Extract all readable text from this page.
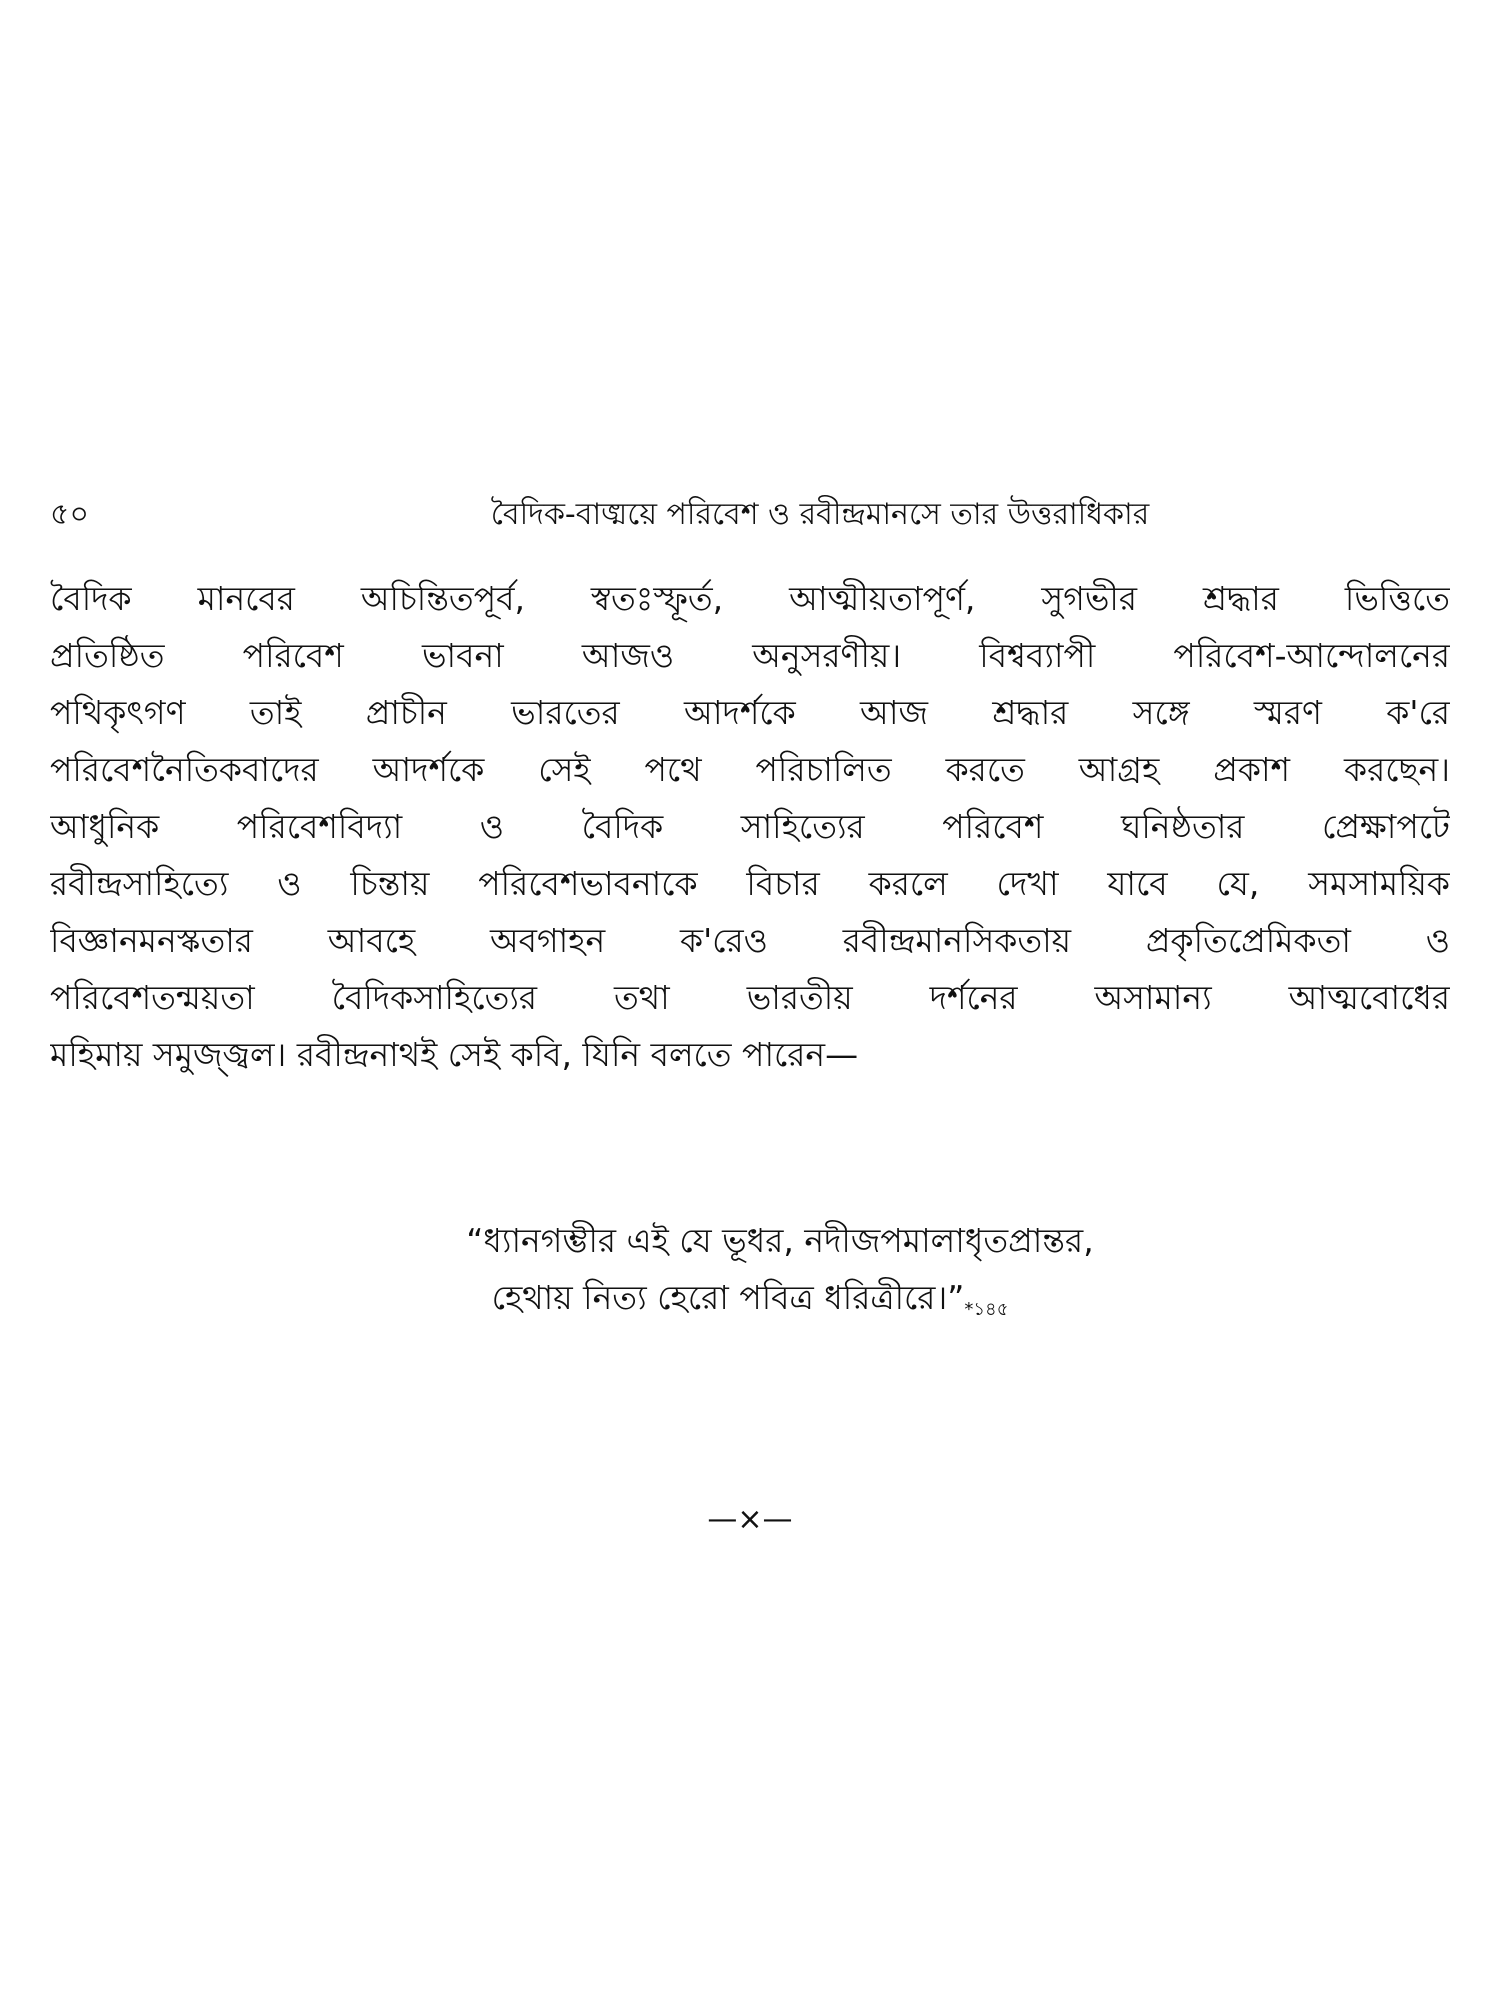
৫০	বৈদিক-বাঙ্ময়ে পরিবেশ ও রবীন্দ্রমানসে তার উত্তরাধিকার
বৈদিক মানবের অচিন্তিতপূর্ব, স্বতঃস্ফূর্ত, আত্মীয়তাপূর্ণ, সুগভীর শ্রদ্ধার ভিত্তিতে
প্রতিষ্ঠিত পরিবেশ ভাবনা আজও অনুসরণীয়। বিশ্বব্যাপী পরিবেশ-আন্দোলনের
পথিকৃৎগণ তাই প্রাচীন ভারতের আদর্শকে আজ শ্রদ্ধার সঙ্গে স্মরণ ক'রে
পরিবেশনৈতিকবাদের আদর্শকে সেই পথে পরিচালিত করতে আগ্রহ প্রকাশ করছেন।
আধুনিক পরিবেশবিদ্যা ও বৈদিক সাহিত্যের পরিবেশ ঘনিষ্ঠতার প্রেক্ষাপটে
রবীন্দ্রসাহিত্যে ও চিন্তায় পরিবেশভাবনাকে বিচার করলে দেখা যাবে যে, সমসাময়িক
বিজ্ঞানমনস্কতার আবহে অবগাহন ক'রেও রবীন্দ্রমানসিকতায় প্রকৃতিপ্রেমিকতা ও
পরিবেশতন্ময়তা বৈদিকসাহিত্যের তথা ভারতীয় দর্শনের অসামান্য আত্মবোধের
মহিমায় সমুজ্জ্বল। রবীন্দ্রনাথই সেই কবি, যিনি বলতে পারেন—
“ধ্যানগম্ভীর এই যে ভূধর, নদীজপমালাধৃতপ্রান্তর,
হেথায় নিত্য হেরো পবিত্র ধরিত্রীরে।”*১৪৫
—×—
